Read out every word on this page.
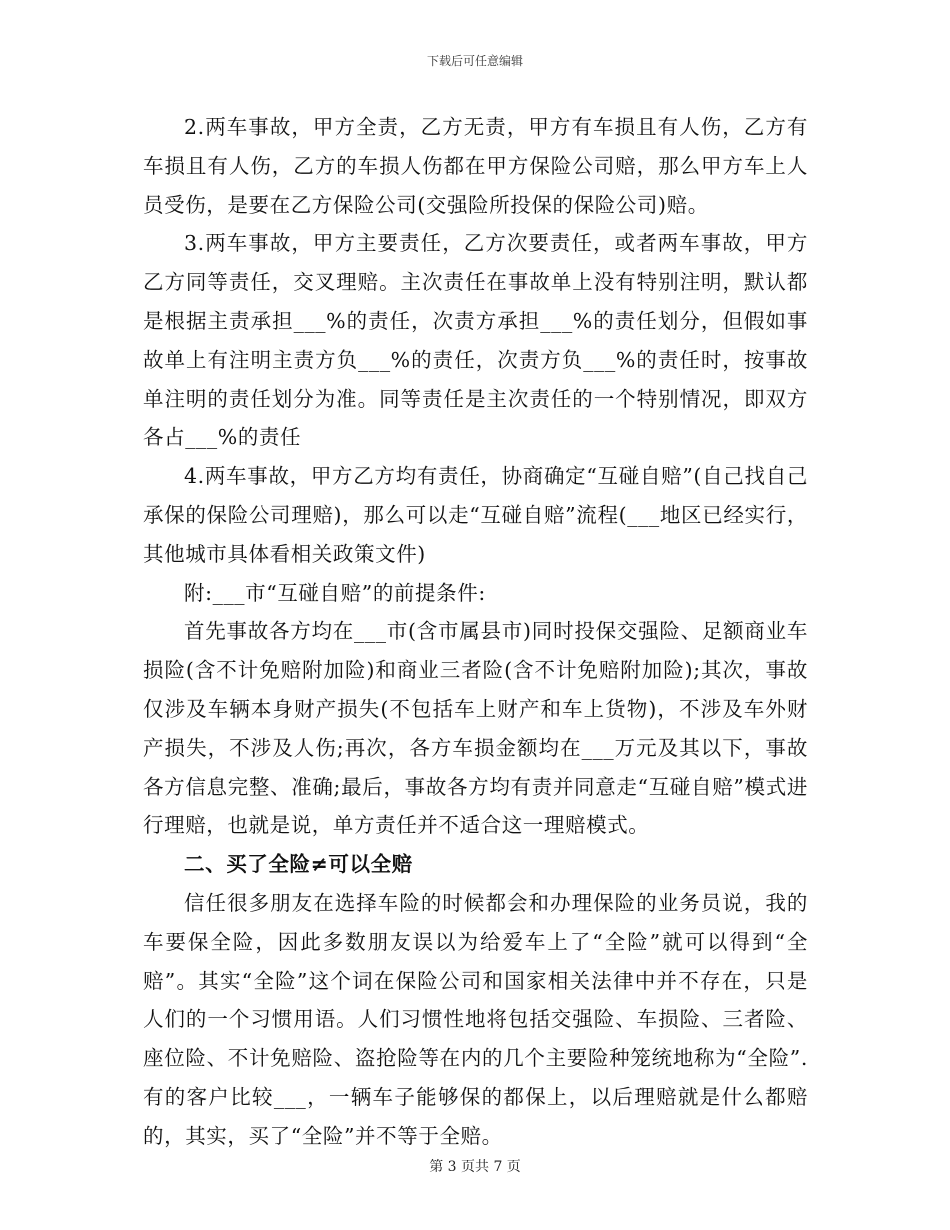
下载后可任意编辑

2.两车事故，甲方全责，乙方无责，甲方有车损且有人伤，乙方有车损且有人伤，乙方的车损人伤都在甲方保险公司赔，那么甲方车上人员受伤，是要在乙方保险公司(交强险所投保的保险公司)赔。

3.两车事故，甲方主要责任，乙方次要责任，或者两车事故，甲方乙方同等责任，交叉理赔。主次责任在事故单上没有特别注明，默认都是根据主责承担___%的责任，次责方承担___%的责任划分，但假如事故单上有注明主责方负___%的责任，次责方负___%的责任时，按事故单注明的责任划分为准。同等责任是主次责任的一个特别情况，即双方各占___%的责任

4.两车事故，甲方乙方均有责任，协商确定“互碰自赔”(自己找自己承保的保险公司理赔)，那么可以走“互碰自赔”流程(___地区已经实行，其他城市具体看相关政策文件)

附:___市“互碰自赔”的前提条件:

首先事故各方均在___市(含市属县市)同时投保交强险、足额商业车损险(含不计免赔附加险)和商业三者险(含不计免赔附加险);其次，事故仅涉及车辆本身财产损失(不包括车上财产和车上货物)，不涉及车外财产损失，不涉及人伤;再次，各方车损金额均在___万元及其以下，事故各方信息完整、准确;最后，事故各方均有责并同意走“互碰自赔”模式进行理赔，也就是说，单方责任并不适合这一理赔模式。

二、买了全险≠可以全赔

信任很多朋友在选择车险的时候都会和办理保险的业务员说，我的车要保全险，因此多数朋友误以为给爱车上了“全险”就可以得到“全赔”。其实“全险”这个词在保险公司和国家相关法律中并不存在，只是人们的一个习惯用语。人们习惯性地将包括交强险、车损险、三者险、座位险、不计免赔险、盗抢险等在内的几个主要险种笼统地称为“全险”.有的客户比较___，一辆车子能够保的都保上，以后理赔就是什么都赔的，其实，买了“全险”并不等于全赔。

第 3 页共 7 页
